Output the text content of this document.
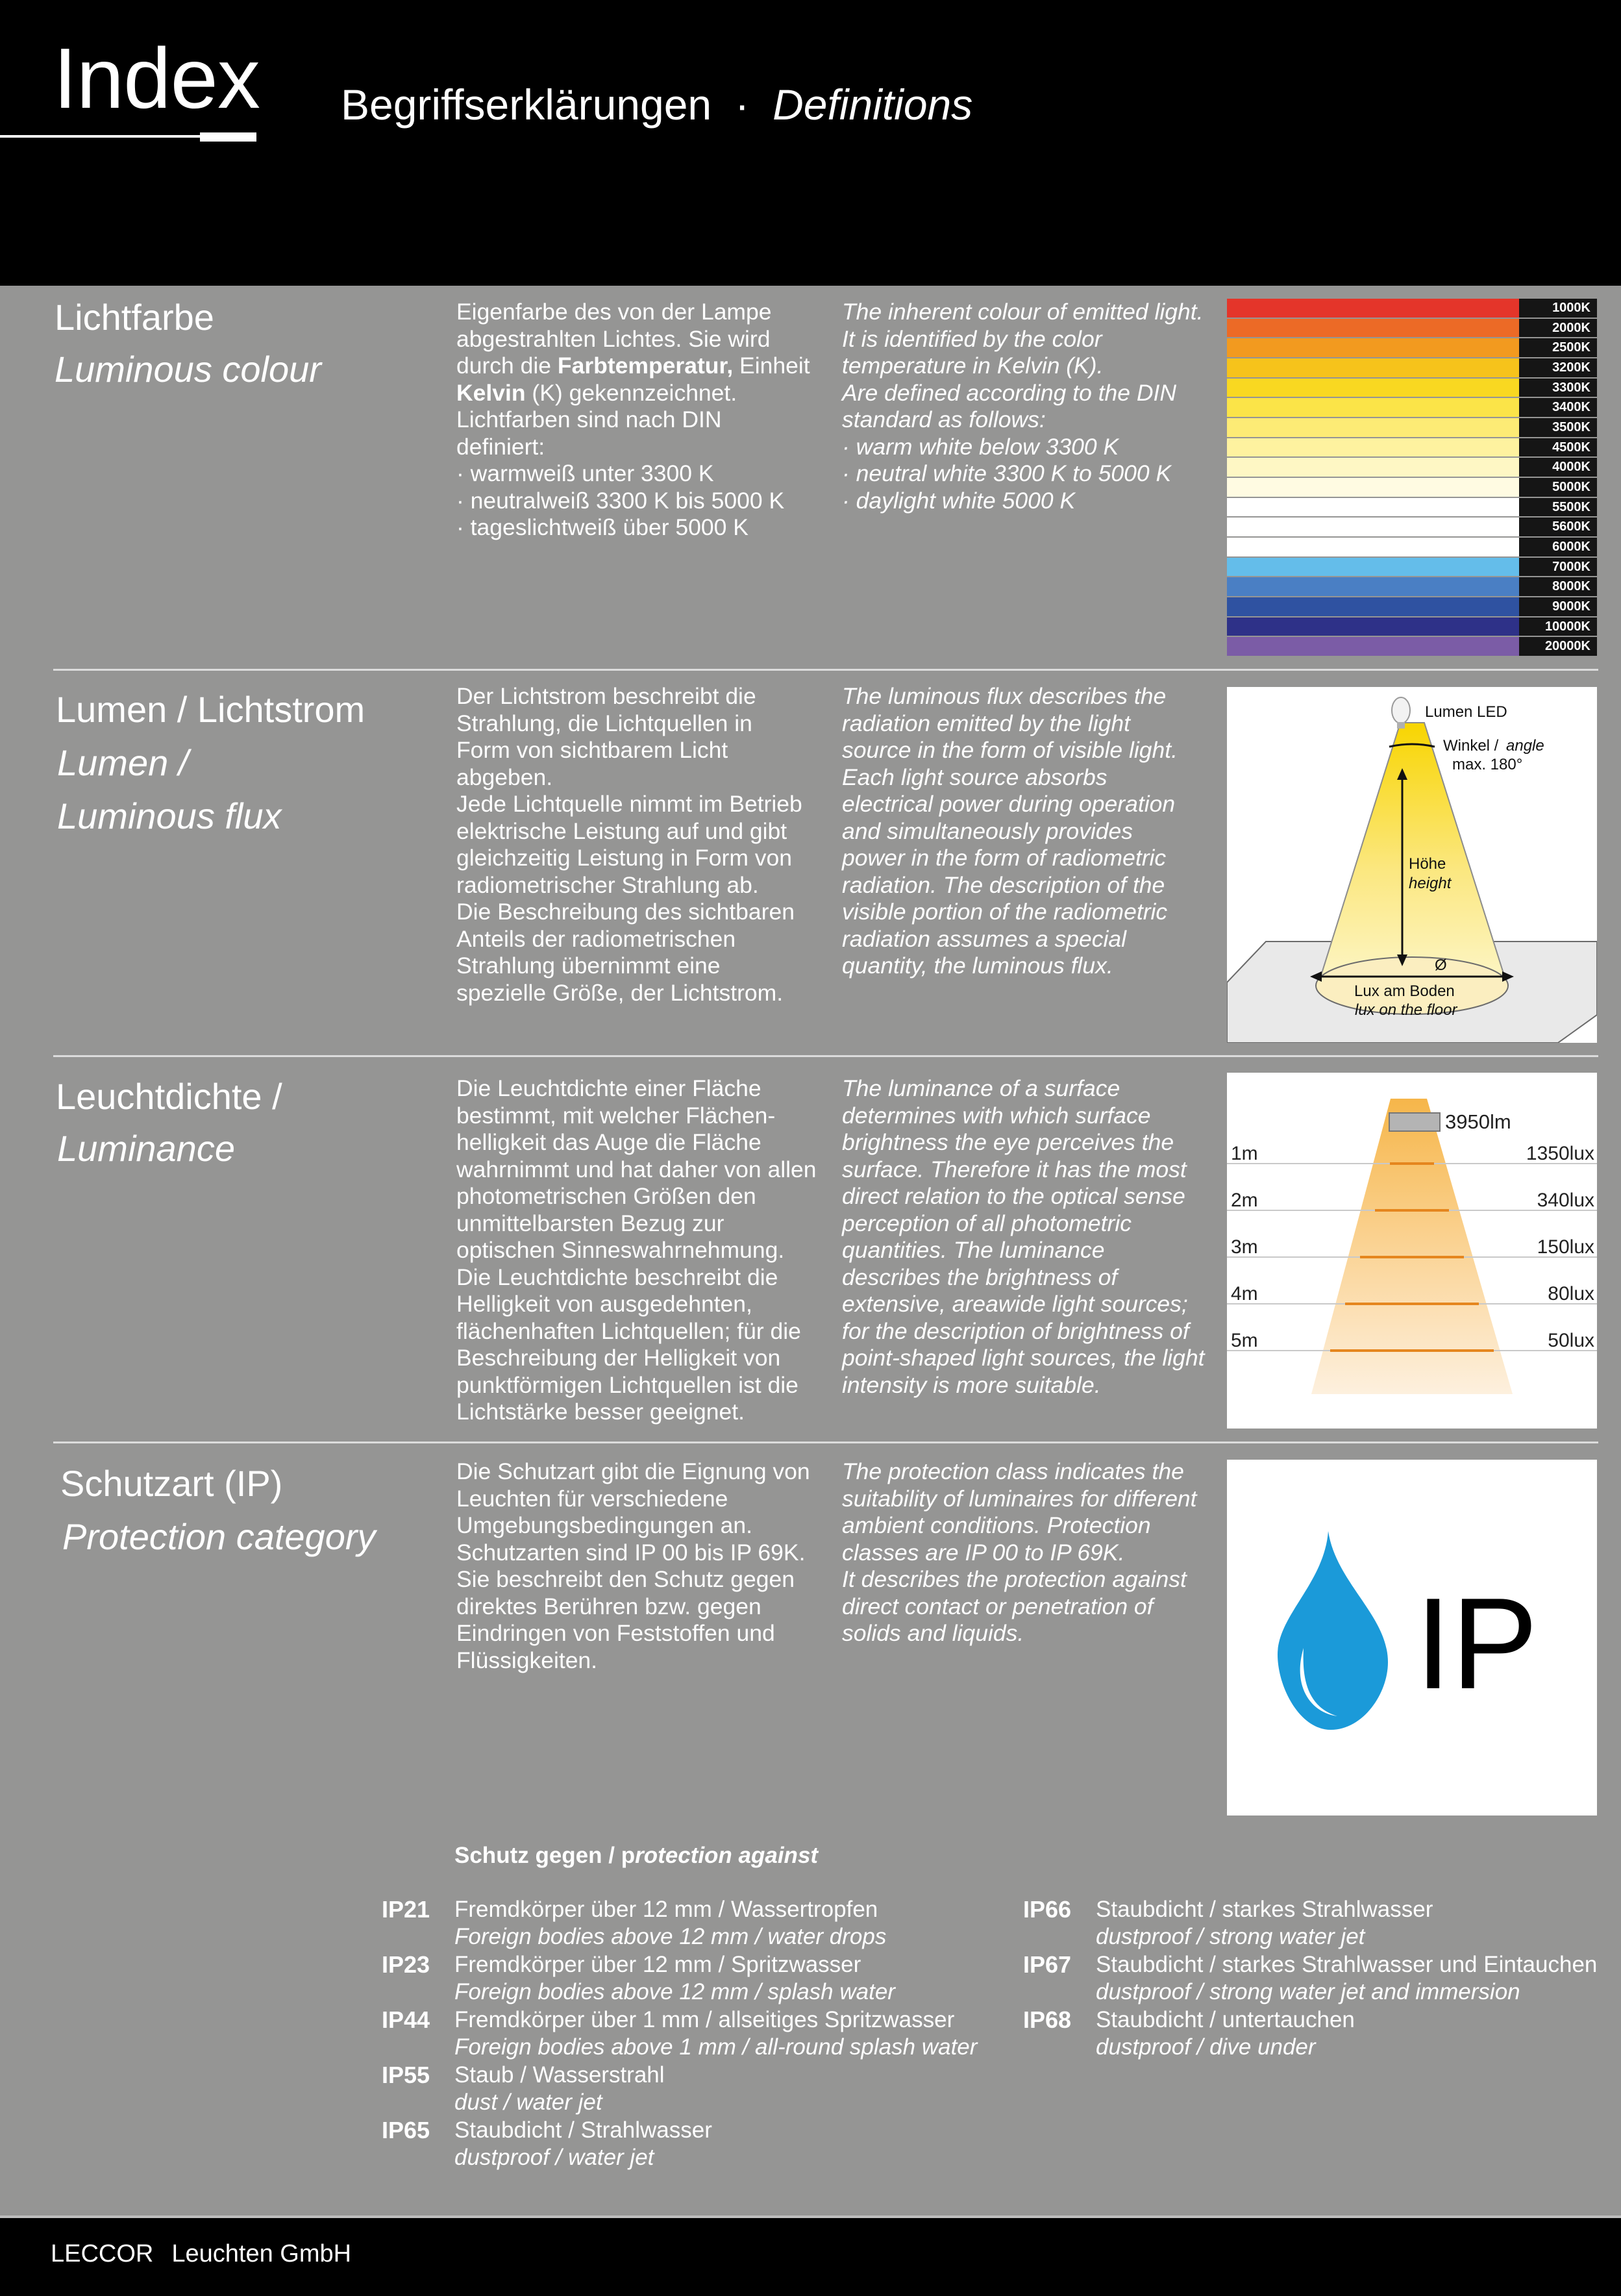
Index Begriffserklärungen · Definitions
Lichtfarbe
Luminous colour
Eigenfarbe des von der Lampe
abgestrahlten Lichtes. Sie wird
durch die Farbtemperatur, Einheit
Kelvin (K) gekennzeichnet.
Lichtfarben sind nach DIN
definiert:
· warmweiß unter 3300 K
· neutralweiß 3300 K bis 5000 K
· tageslichtweiß über 5000 K
The inherent colour of emitted light.
It is identified by the color
temperature in Kelvin (K).
Are defined according to the DIN
standard as follows:
· warm white below 3300 K
· neutral white 3300 K to 5000 K
· daylight white 5000 K
1000K
2000K
2500K
3200K
3300K
3400K
3500K
4500K
4000K
5000K
5500K
5600K
6000K
7000K
8000K
9000K
10000K
20000K
Lumen / Lichtstrom
Lumen /
Luminous flux
Der Lichtstrom beschreibt die
Strahlung, die Lichtquellen in
Form von sichtbarem Licht
abgeben.
Jede Lichtquelle nimmt im Betrieb
elektrische Leistung auf und gibt
gleichzeitig Leistung in Form von
radiometrischer Strahlung ab.
Die Beschreibung des sichtbaren
Anteils der radiometrischen
Strahlung übernimmt eine
spezielle Größe, der Lichtstrom.
The luminous flux describes the
radiation emitted by the light
source in the form of visible light.
Each light source absorbs
electrical power during operation
and simultaneously provides
power in the form of radiometric
radiation. The description of the
visible portion of the radiometric
radiation assumes a special
quantity, the luminous flux.
Lumen LED
Winkel / angle
max. 180°
Höhe
height
Ø
Lux am Boden
lux on the floor
Leuchtdichte /
Luminance
Die Leuchtdichte einer Fläche
bestimmt, mit welcher Flächen-
helligkeit das Auge die Fläche
wahrnimmt und hat daher von allen
photometrischen Größen den
unmittelbarsten Bezug zur
optischen Sinneswahrnehmung.
Die Leuchtdichte beschreibt die
Helligkeit von ausgedehnten,
flächenhaften Lichtquellen; für die
Beschreibung der Helligkeit von
punktförmigen Lichtquellen ist die
Lichtstärke besser geeignet.
The luminance of a surface
determines with which surface
brightness the eye perceives the
surface. Therefore it has the most
direct relation to the optical sense
perception of all photometric
quantities. The luminance
describes the brightness of
extensive, areawide light sources;
for the description of brightness of
point-shaped light sources, the light
intensity is more suitable.
3950lm
1m	1350lux
2m	340lux
3m	150lux
4m	80lux
5m	50lux
Schutzart (IP)
Protection category
Die Schutzart gibt die Eignung von
Leuchten für verschiedene
Umgebungsbedingungen an.
Schutzarten sind IP 00 bis IP 69K.
Sie beschreibt den Schutz gegen
direktes Berühren bzw. gegen
Eindringen von Feststoffen und
Flüssigkeiten.
The protection class indicates the
suitability of luminaires for different
ambient conditions. Protection
classes are IP 00 to IP 69K.
It describes the protection against
direct contact or penetration of
solids and liquids.	IP
Schutz gegen / protection against
IP21	Fremdkörper über 12 mm / Wassertropfen
Foreign bodies above 12 mm / water drops
IP23	Fremdkörper über 12 mm / Spritzwasser
Foreign bodies above 12 mm / splash water
IP44	Fremdkörper über 1 mm / allseitiges Spritzwasser
Foreign bodies above 1 mm / all-round splash water
IP55	Staub / Wasserstrahl
dust / water jet
IP65	Staubdicht / Strahlwasser
dustproof / water jet
IP66	Staubdicht / starkes Strahlwasser
dustproof / strong water jet
IP67	Staubdicht / starkes Strahlwasser und Eintauchen
dustproof / strong water jet and immersion
IP68	Staubdicht / untertauchen
dustproof / dive under
LECCOR Leuchten GmbH
